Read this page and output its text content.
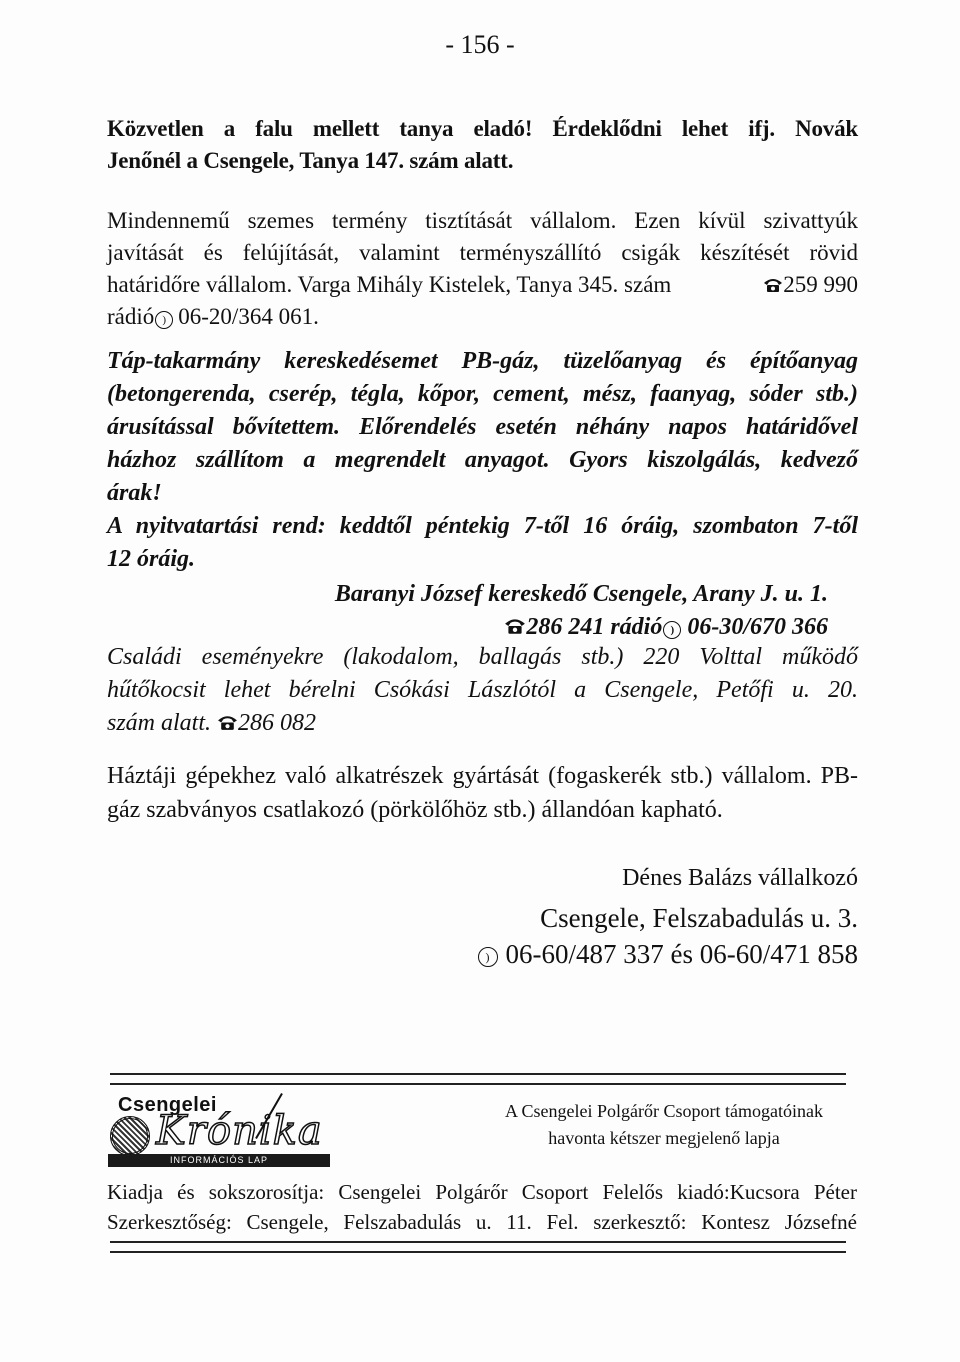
- 156 -
Közvetlen a falu mellett tanya eladó! Érdeklődni lehet ifj. Novák
Jenőnél a Csengele, Tanya 147. szám alatt.
Mindennemű szemes termény tisztítását vállalom. Ezen kívül szivattyúk
javítását és felújítását, valamint terményszállító csigák készítését rövid
határidőre vállalom. Varga Mihály Kistelek, Tanya 345. szám	259 990
rádió ) 06-20/364 061.
Táp-takarmány kereskedésemet PB-gáz, tüzelőanyag és építőanyag
(betongerenda, cserép, tégla, kőpor, cement, mész, faanyag, sóder stb.)
árusítással bővítettem. Előrendelés esetén néhány napos határidővel
házhoz szállítom a megrendelt anyagot. Gyors kiszolgálás, kedvező
árak!
A nyitvatartási rend: keddtől péntekig 7-től 16 óráig, szombaton 7-től
12 óráig.
Baranyi József kereskedő Csengele, Arany J. u. 1.
286 241 rádió ) 06-30/670 366
Családi eseményekre (lakodalom, ballagás stb.) 220 Volttal működő
hűtőkocsit lehet bérelni Csókási Lászlótól a Csengele, Petőfi u. 20.
szám alatt. 286 082
Háztáji gépekhez való alkatrészek gyártását (fogaskerék stb.) vállalom. PB-
gáz szabványos csatlakozó (pörkölőhöz stb.) állandóan kapható.
Dénes Balázs vállalkozó
Csengele, Felszabadulás u. 3.
) 06-60/487 337 és 06-60/471 858
Csengelei
Krónika
INFORMÁCIÓS LAP
A Csengelei Polgárőr Csoport támogatóinak
havonta kétszer megjelenő lapja
Kiadja és sokszorosítja: Csengelei Polgárőr Csoport Felelős kiadó:Kucsora Péter
Szerkesztőség: Csengele, Felszabadulás u. 11. Fel. szerkesztő: Kontesz Józsefné
